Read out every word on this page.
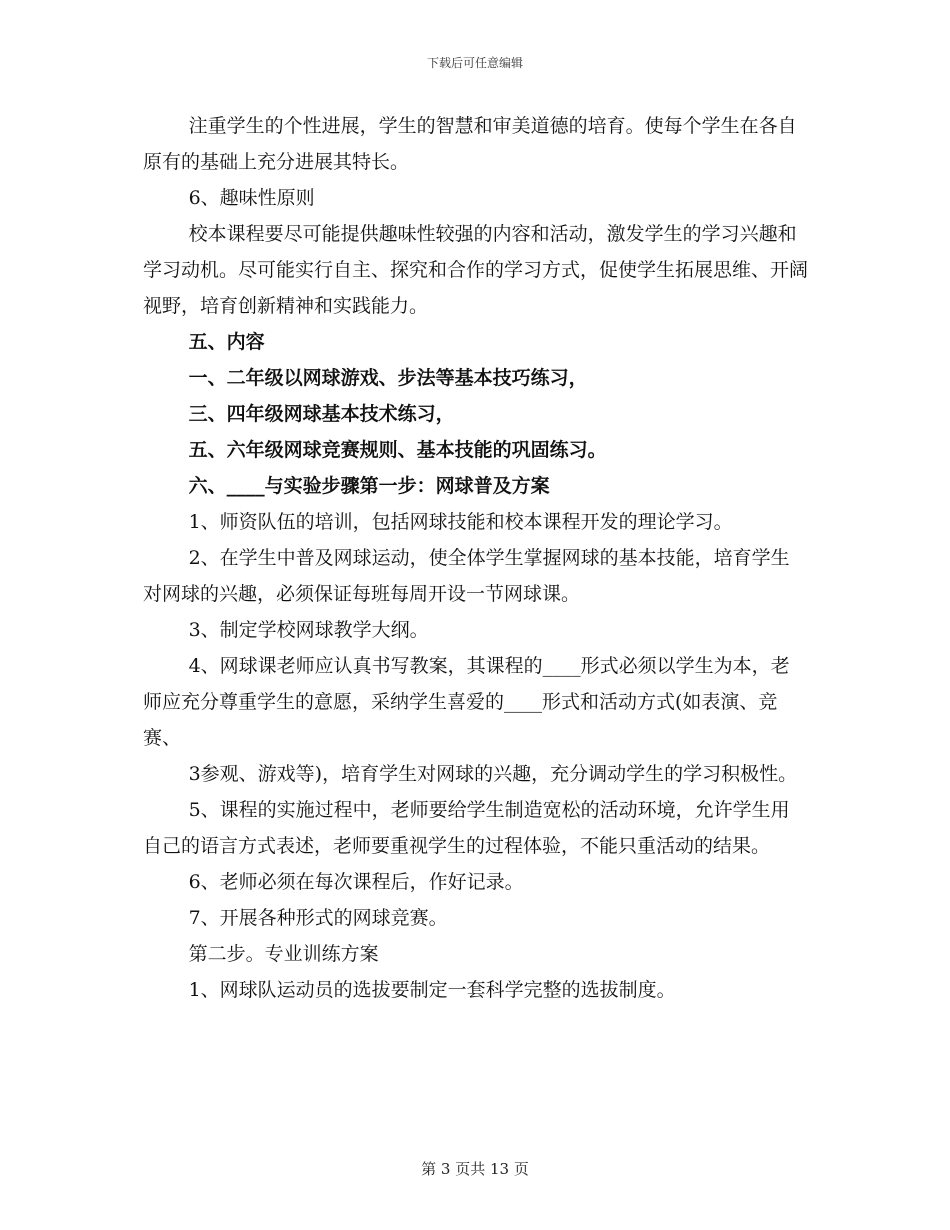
下载后可任意编辑

注重学生的个性进展，学生的智慧和审美道德的培育。使每个学生在各自原有的基础上充分进展其特长。

6、趣味性原则

校本课程要尽可能提供趣味性较强的内容和活动，激发学生的学习兴趣和学习动机。尽可能实行自主、探究和合作的学习方式，促使学生拓展思维、开阔视野，培育创新精神和实践能力。

五、内容

一、二年级以网球游戏、步法等基本技巧练习，

三、四年级网球基本技术练习，

五、六年级网球竞赛规则、基本技能的巩固练习。

六、____与实验步骤第一步：网球普及方案

1、师资队伍的培训，包括网球技能和校本课程开发的理论学习。

2、在学生中普及网球运动，使全体学生掌握网球的基本技能，培育学生对网球的兴趣，必须保证每班每周开设一节网球课。

3、制定学校网球教学大纲。

4、网球课老师应认真书写教案，其课程的____形式必须以学生为本，老师应充分尊重学生的意愿，采纳学生喜爱的____形式和活动方式(如表演、竞赛、

3参观、游戏等)，培育学生对网球的兴趣，充分调动学生的学习积极性。

5、课程的实施过程中，老师要给学生制造宽松的活动环境，允许学生用自己的语言方式表述，老师要重视学生的过程体验，不能只重活动的结果。

6、老师必须在每次课程后，作好记录。

7、开展各种形式的网球竞赛。

第二步。专业训练方案

1、网球队运动员的选拔要制定一套科学完整的选拔制度。

第 3 页共 13 页
